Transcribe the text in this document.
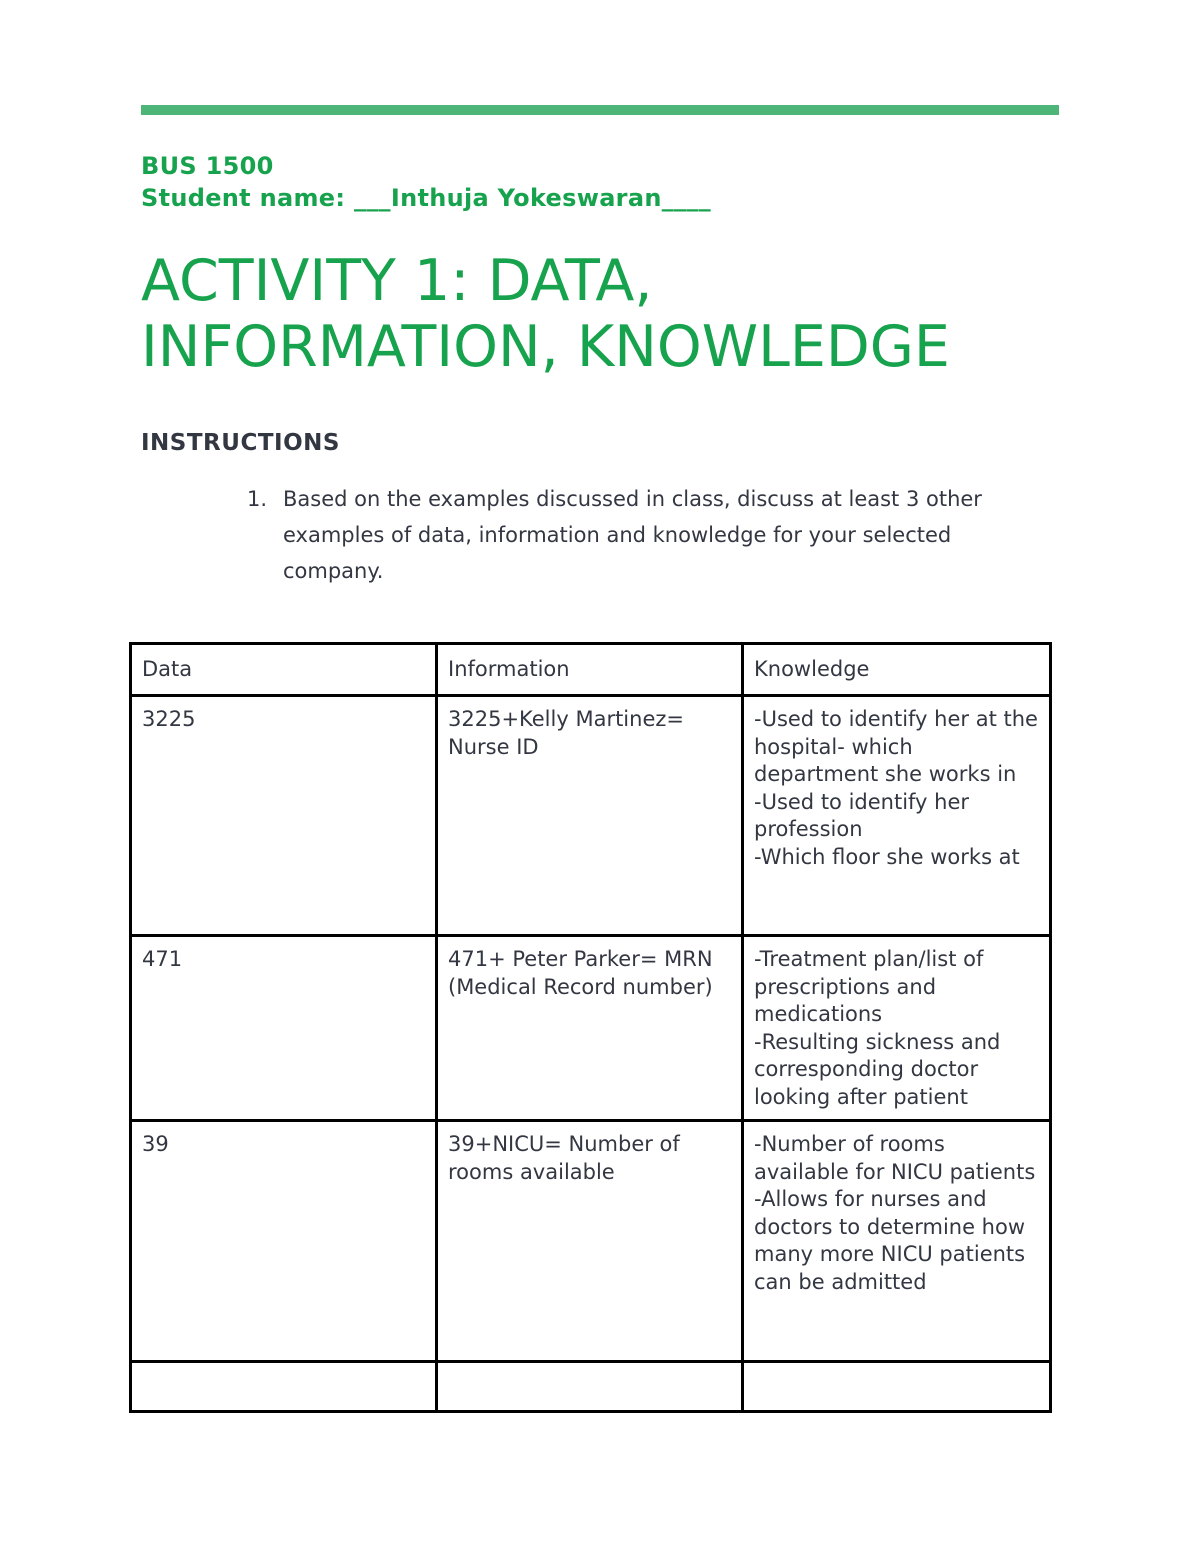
BUS 1500
Student name: ___Inthuja Yokeswaran____
ACTIVITY 1: DATA,
INFORMATION, KNOWLEDGE
INSTRUCTIONS
1. Based on the examples discussed in class, discuss at least 3 other examples of data, information and knowledge for your selected company.

Data	Information	Knowledge
3225	3225+Kelly Martinez= Nurse ID	-Used to identify her at the hospital- which department she works in
-Used to identify her profession
-Which floor she works at

471	471+ Peter Parker= MRN (Medical Record number)	-Treatment plan/list of prescriptions and medications
-Resulting sickness and corresponding doctor looking after patient

39	39+NICU= Number of rooms available	-Number of rooms available for NICU patients
-Allows for nurses and doctors to determine how many more NICU patients can be admitted
